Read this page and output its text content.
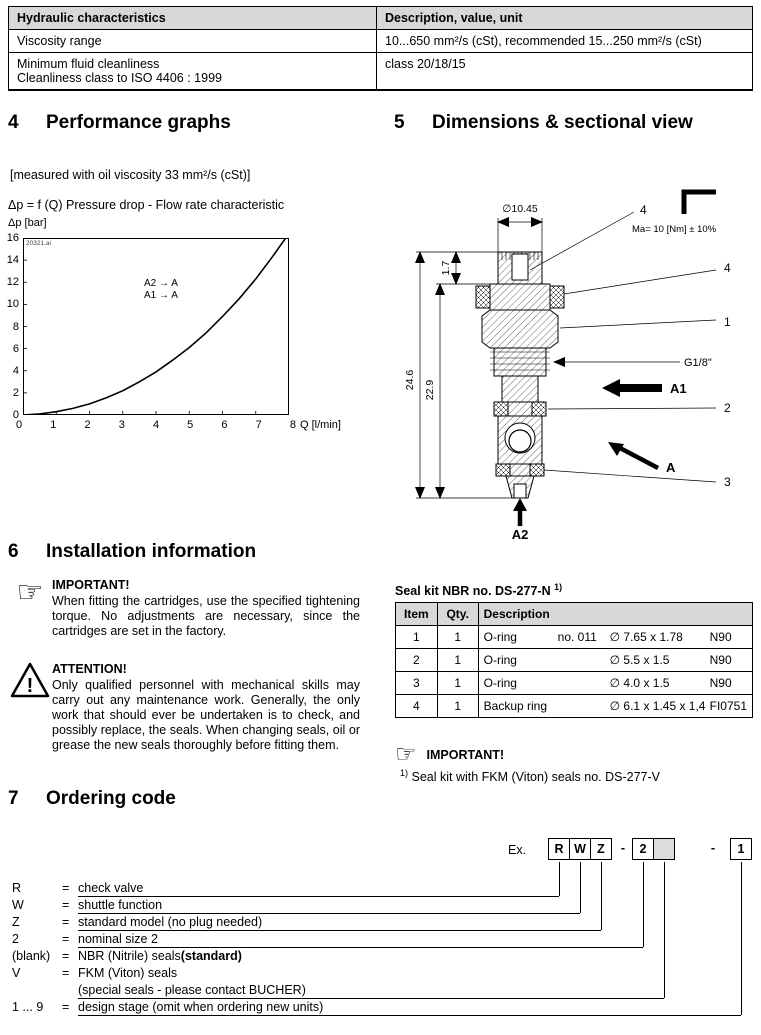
Hydraulic characteristics	Description, value, unit
Viscosity range	10...650 mm²/s (cSt), recommended 15...250 mm²/s (cSt)

Minimum fluid cleanliness
Cleanliness class to ISO 4406 : 1999	class 20/18/15
4	Performance graphs
[measured with oil viscosity 33 mm²/s (cSt)]
Δp = f (Q) Pressure drop - Flow rate characteristic
Δp [bar]
16
14
12
10
8
6
4
2
0
20321.ai
A2 → A
A1 → A
0	1	2	3	4	5	6	7	8 Q [l/min]
5	Dimensions & sectional view
∅10.45
24.6 22.9
1.7
Ma= 10 [Nm] ± 10%
4
4
1
G1/8"
2
3
A1
A
A2
6	Installation information
☞ IMPORTANT!
When fitting the cartridges, use the specified tightening torque. No adjustments are necessary, since the cartridges are set in the factory.
!
ATTENTION!
Only qualified personnel with mechanical skills may carry out any maintenance work. Generally, the only work that should ever be undertaken is to check, and possibly replace, the seals. When changing seals, oil or grease the new seals thoroughly before fitting them.
Seal kit NBR no. DS-277-N $^{1)}$
Item	Qty.	Description
1	1	O-ring no. 011 ∅ 7.65 x 1.78 N90

2	1	O-ring ∅ 5.5 x 1.5 N90

3	1	O-ring ∅ 4.0 x 1.5 N90

4	1	Backup ring ∅ 6.1 x 1.45 x 1,4 FI0751
☞ IMPORTANT!
$^{1)}$ Seal kit with FKM (Viton) seals no. DS-277-V
7	Ordering code
Ex.	R W Z	-	2	-	1
R	= check valve
W	= shuttle function
Z	= standard model (no plug needed)
2	= nominal size 2
(blank) = NBR (Nitrile) seals (standard)
V	= FKM (Viton) seals
(special seals - please contact BUCHER)
1 ... 9	= design stage (omit when ordering new units)
